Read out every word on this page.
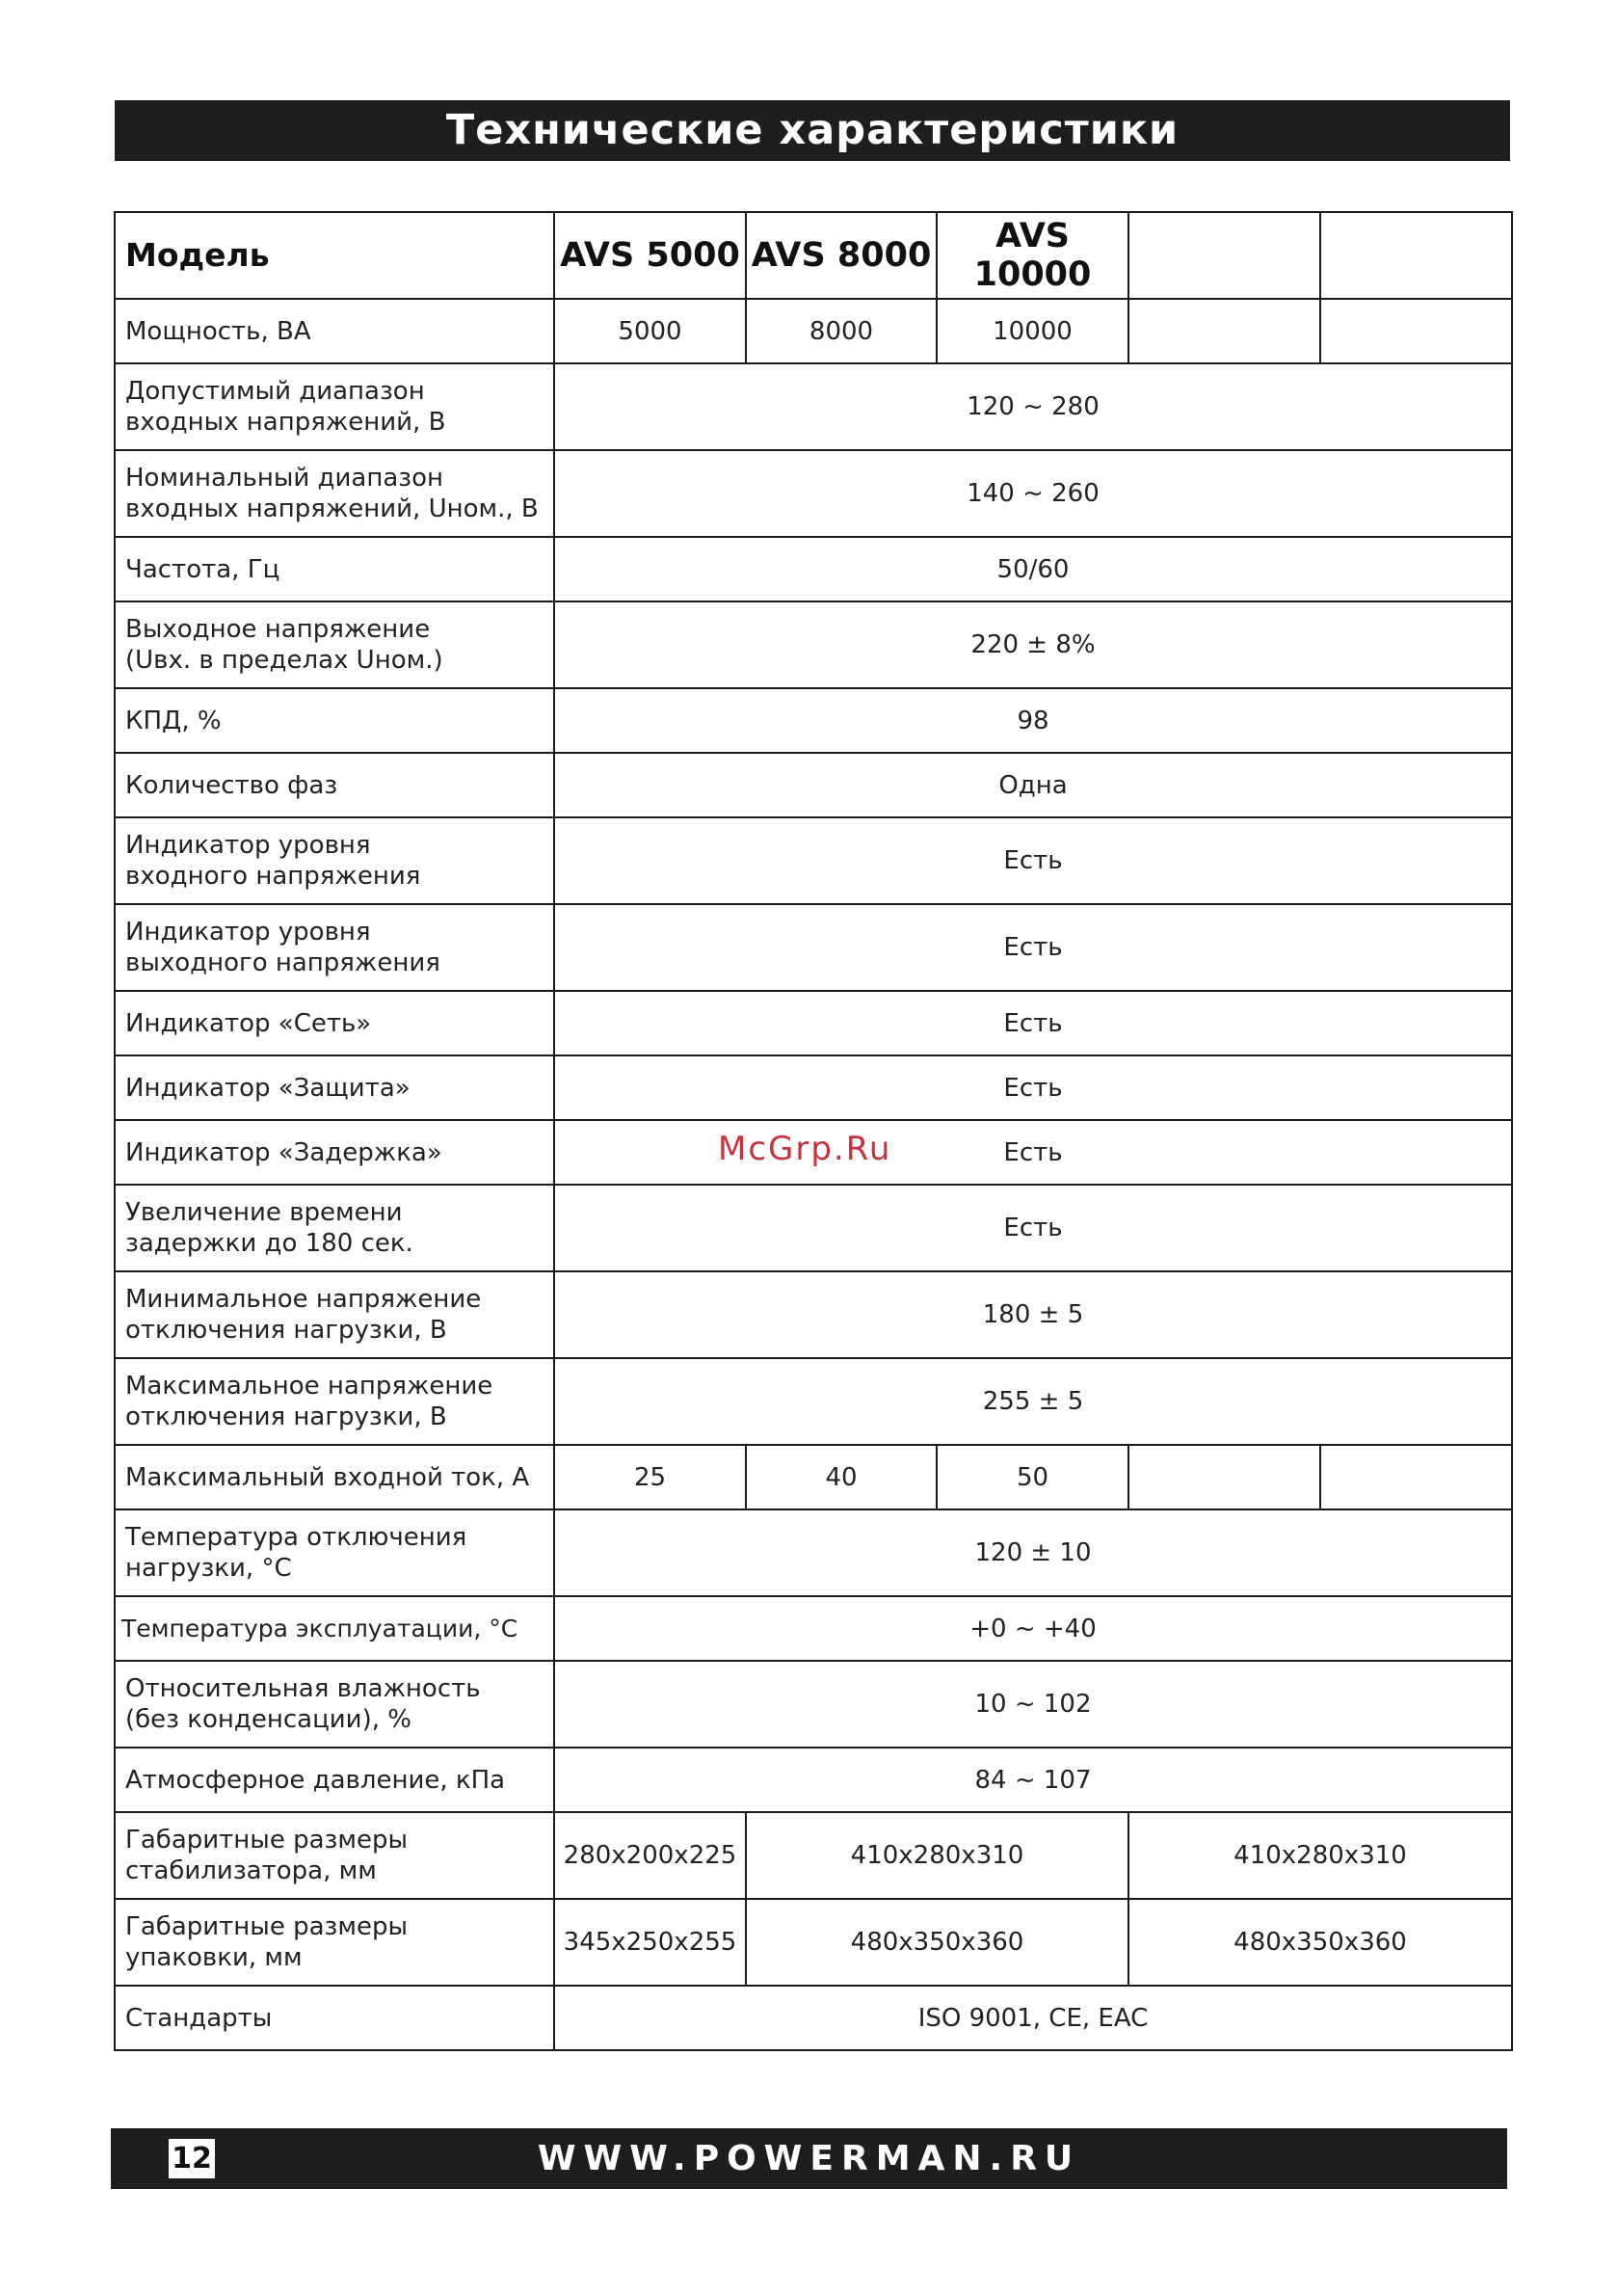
Технические характеристики
Модель	AVS 5000	AVS 8000	AVS 10000		
Мощность, ВА	5000	8000	10000		
Допустимый диапазон
входных напряжений, В	120 ~ 280				
Номинальный диапазон
входных напряжений, Uном., В	140 ~ 260				
Частота, Гц	50/60				
Выходное напряжение
(Uвх. в пределах Uном.)	220 ± 8%				
КПД, %	98				
Количество фаз	Одна				
Индикатор уровня
входного напряжения	Есть				
Индикатор уровня
выходного напряжения	Есть				
Индикатор «Сеть»	Есть				
Индикатор «Защита»	Есть				
Индикатор «Задержка»	Есть				
Увеличение времени
задержки до 180 сек.	Есть				
Минимальное напряжение
отключения нагрузки, В	180 ± 5				
Максимальное напряжение
отключения нагрузки, В	255 ± 5				
Максимальный входной ток, А	25	40	50		
Температура отключения
нагрузки, °С	120 ± 10				
Температура эксплуатации, °С	+0 ~ +40				
Относительная влажность
(без конденсации), %	10 ~ 102				
Атмосферное давление, кПа	84 ~ 107				
Габаритные размеры
стабилизатора, мм	280x200x225	410x280x310		410x280x310	
Габаритные размеры
упаковки, мм	345x250x255	480x350x360		480x350x360	
Стандарты	ISO 9001, CE, EAC				
McGrp.Ru
WWW.POWERMAN.RU
12
